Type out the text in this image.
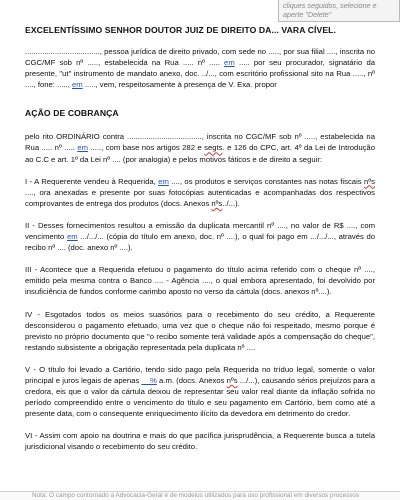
cliques seguidos, selecione e aperte "Delete"
EXCELENTÍSSIMO SENHOR DOUTOR JUIZ DE DIREITO DA... VARA CÍVEL.

..................................., pessoa jurídica de direito privado, com sede no ....., por sua filial ...., inscrita no CGC/MF sob nº ....., estabelecida na Rua ..... nº ..... em ..... por seu procurador, signatário da presente, "ut" instrumento de mandato anexo, doc. ../..., com escritório profissional sito na Rua ....., nº ...., fone: ....., em ....., vem, respeitosamente à presença de V. Exa. propor

AÇÃO DE COBRANÇA

pelo rito ORDINÁRIO contra ..................................., inscrita no CGC/MF sob nº ....., estabelecida na Rua ..... nº ..... em ....., com base nos artigos 282 e segts. e 126 do CPC, art. 4º da Lei de Introdução ao C.C e art. 1º da Lei nº .... (por analogia) e pelos motivos fáticos e de direito a seguir:

I - A Requerente vendeu à Requerida, em ...., os produtos e serviços constantes nas notas fiscais nºs ...., ora anexadas e presente por suas fotocópias autenticadas e acompanhadas dos respectivos comprovantes de entrega dos produtos (docs. Anexos nºs../...).

II - Desses fornecimentos resultou a emissão da duplicata mercantil nº ...., no valor de R$ ...., com vencimento em .../.../... (cópia do título em anexo, doc. nº ....), o qual foi pago em .../.../..., através do recibo nº .... (doc. anexo nº ....).

III - Acontece que a Requerida efetuou o pagamento do título acima referido com o cheque nº ...., emitido pela mesma contra o Banco .... - Agência ...., o qual embora apresentado, foi devolvido por insuficiência de fundos conforme carimbo aposto no verso da cártula (docs. anexos nº....).

IV - Esgotados todos os meios suasórios para o recebimento do seu crédito, a Requerente desconsiderou o pagamento efetuado, uma vez que o cheque não foi respeitado, mesmo porque é previsto no próprio documento que "o recibo somente terá validade após a compensação do cheque", restando subsistente a obrigação representada pela duplicata nº ....

V - O título foi levado a Cartório, tendo sido pago pela Requerida no tríduo legal, somente o valor principal e juros legais de apenas __% a.m. (docs. Anexos nºs .../...), causando sérios prejuízos para a credora, eis que o valor da cártula deixou de representar seu valor real diante da inflação sofrida no período compreendido entre o vencimento do título e seu pagamento em Cartório, bem como até a presente data, com o consequente enriquecimento ilícito da devedora em detrimento do credor.

VI - Assim com apoio na doutrina e mais do que pacífica jurisprudência, a Requerente busca a tutela jurisdicional visando o recebimento do seu crédito.

Nota: O campo contornado a Advocacia-Geral é de modelos utilizados para uso profissional em diversos processos
